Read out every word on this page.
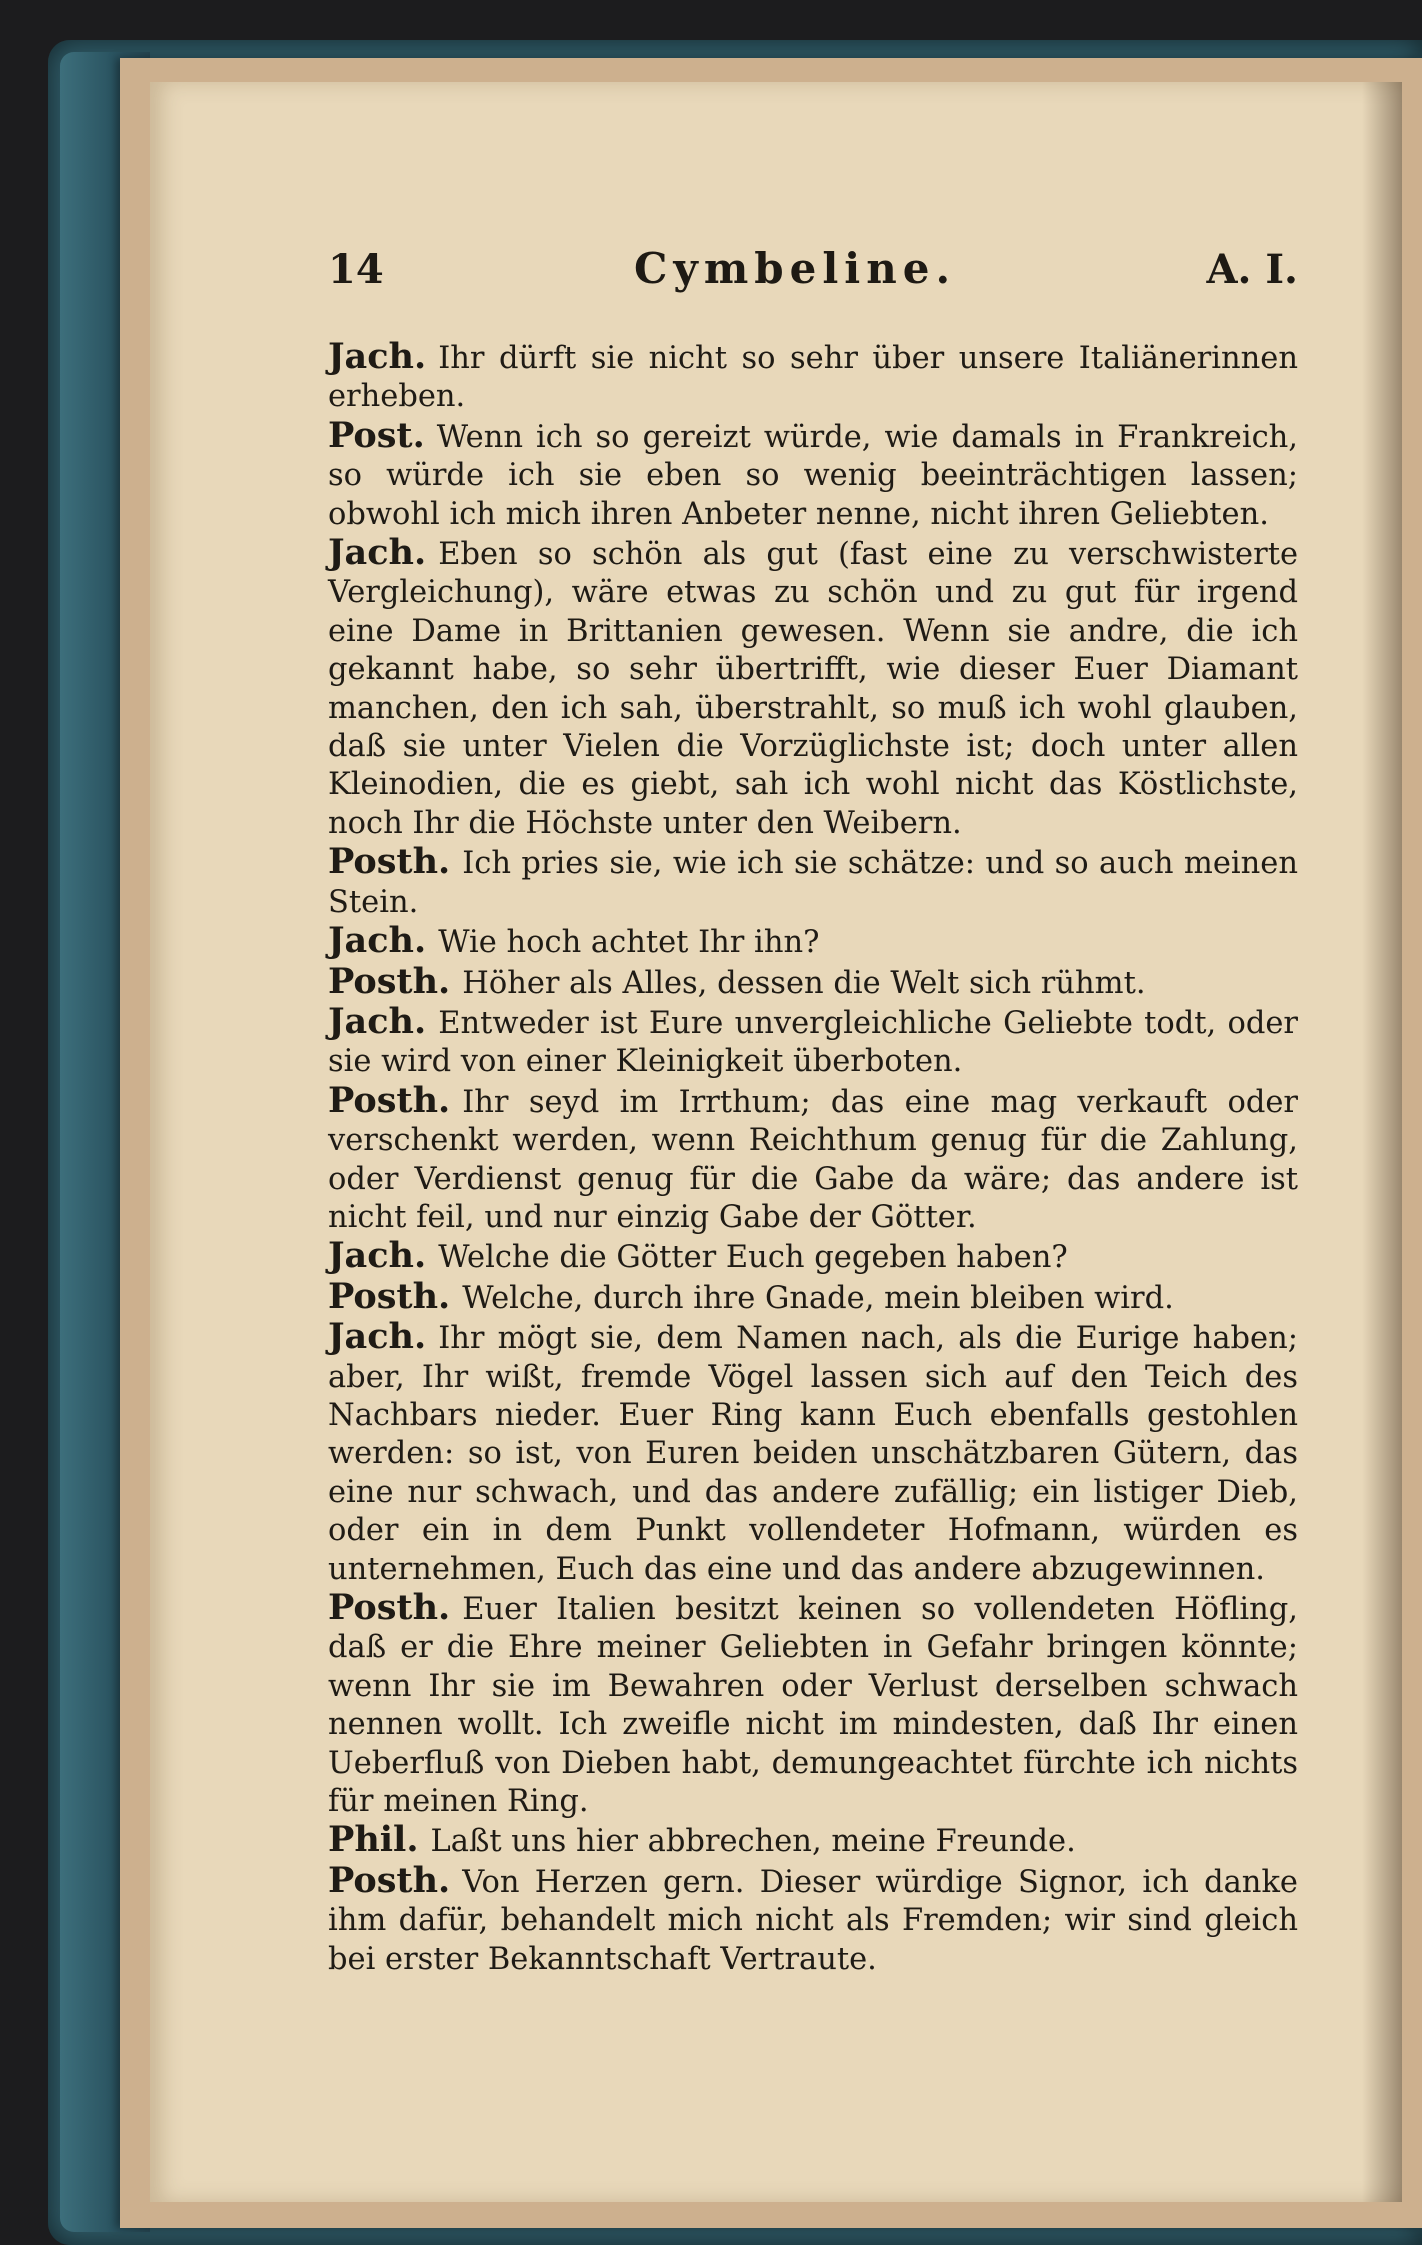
14	Cymbeline.	A. I.

Jach. Ihr dürft sie nicht so sehr über unsere Italiänerinnen erheben.

Post. Wenn ich so gereizt würde, wie damals in Frankreich, so würde ich sie eben so wenig beeinträchtigen lassen; obwohl ich mich ihren Anbeter nenne, nicht ihren Geliebten.

Jach. Eben so schön als gut (fast eine zu verschwisterte Vergleichung), wäre etwas zu schön und zu gut für irgend eine Dame in Brittanien gewesen. Wenn sie andre, die ich gekannt habe, so sehr übertrifft, wie dieser Euer Diamant manchen, den ich sah, überstrahlt, so muß ich wohl glauben, daß sie unter Vielen die Vorzüglichste ist; doch unter allen Kleinodien, die es giebt, sah ich wohl nicht das Köstlichste, noch Ihr die Höchste unter den Weibern.

Posth. Ich pries sie, wie ich sie schätze: und so auch meinen Stein.

Jach. Wie hoch achtet Ihr ihn?

Posth. Höher als Alles, dessen die Welt sich rühmt.

Jach. Entweder ist Eure unvergleichliche Geliebte todt, oder sie wird von einer Kleinigkeit überboten.

Posth. Ihr seyd im Irrthum; das eine mag verkauft oder verschenkt werden, wenn Reichthum genug für die Zahlung, oder Verdienst genug für die Gabe da wäre; das andere ist nicht feil, und nur einzig Gabe der Götter.

Jach. Welche die Götter Euch gegeben haben?

Posth. Welche, durch ihre Gnade, mein bleiben wird.

Jach. Ihr mögt sie, dem Namen nach, als die Eurige haben; aber, Ihr wißt, fremde Vögel lassen sich auf den Teich des Nachbars nieder. Euer Ring kann Euch ebenfalls gestohlen werden: so ist, von Euren beiden unschätzbaren Gütern, das eine nur schwach, und das andere zufällig; ein listiger Dieb, oder ein in dem Punkt vollendeter Hofmann, würden es unternehmen, Euch das eine und das andere abzugewinnen.

Posth. Euer Italien besitzt keinen so vollendeten Höfling, daß er die Ehre meiner Geliebten in Gefahr bringen könnte; wenn Ihr sie im Bewahren oder Verlust derselben schwach nennen wollt. Ich zweifle nicht im mindesten, daß Ihr einen Ueberfluß von Dieben habt, demungeachtet fürchte ich nichts für meinen Ring.

Phil. Laßt uns hier abbrechen, meine Freunde.

Posth. Von Herzen gern. Dieser würdige Signor, ich danke ihm dafür, behandelt mich nicht als Fremden; wir sind gleich bei erster Bekanntschaft Vertraute.
